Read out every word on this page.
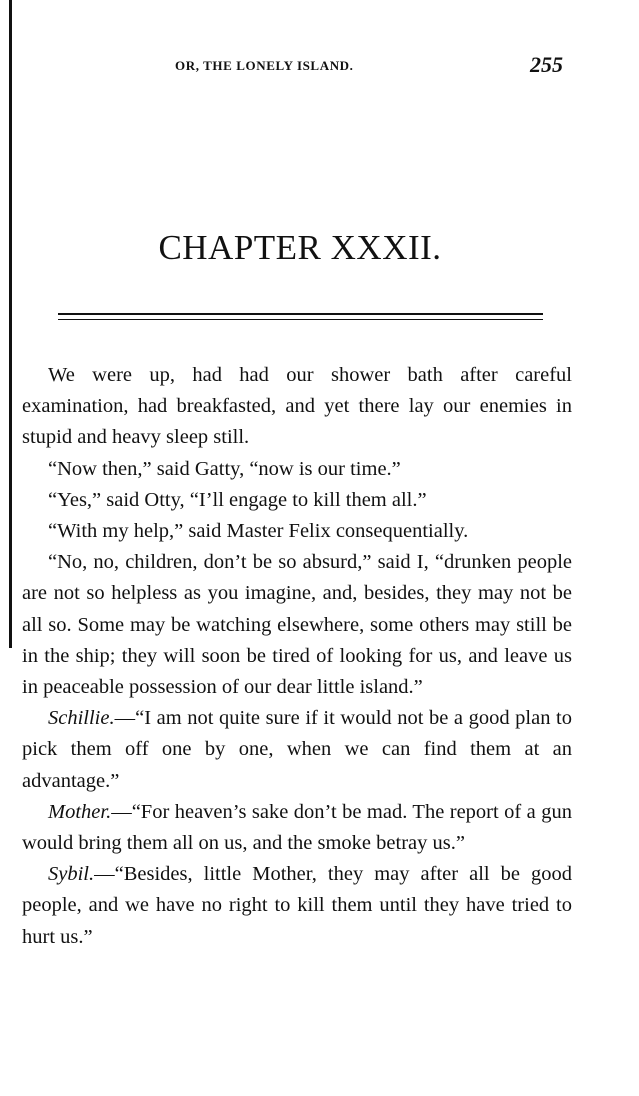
OR, THE LONELY ISLAND.	255
CHAPTER XXXII.

We were up, had had our shower bath after careful examination, had breakfasted, and yet there lay our enemies in stupid and heavy sleep still.

“Now then,” said Gatty, “now is our time.”

“Yes,” said Otty, “I’ll engage to kill them all.”

“With my help,” said Master Felix consequentially.

“No, no, children, don’t be so absurd,” said I, “drunken people are not so helpless as you imagine, and, besides, they may not be all so. Some may be watching elsewhere, some others may still be in the ship; they will soon be tired of looking for us, and leave us in peaceable possession of our dear little island.”

Schillie.—“I am not quite sure if it would not be a good plan to pick them off one by one, when we can find them at an advantage.”

Mother.—“For heaven’s sake don’t be mad. The report of a gun would bring them all on us, and the smoke betray us.”

Sybil.—“Besides, little Mother, they may after all be good people, and we have no right to kill them until they have tried to hurt us.”
